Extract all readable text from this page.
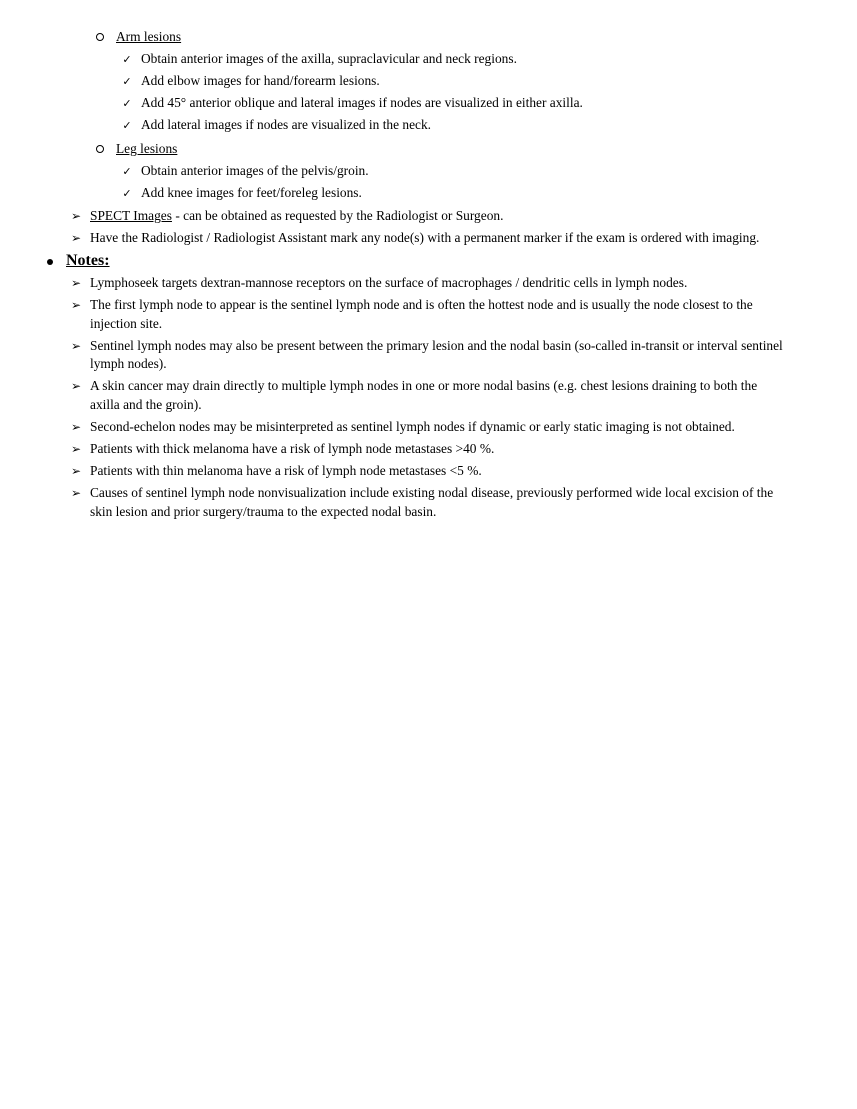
Arm lesions
✓ Obtain anterior images of the axilla, supraclavicular and neck regions.
✓ Add elbow images for hand/forearm lesions.
✓ Add 45° anterior oblique and lateral images if nodes are visualized in either axilla.
✓ Add lateral images if nodes are visualized in the neck.
Leg lesions
✓ Obtain anterior images of the pelvis/groin.
✓ Add knee images for feet/foreleg lesions.
➢ SPECT Images - can be obtained as requested by the Radiologist or Surgeon.
➢ Have the Radiologist / Radiologist Assistant mark any node(s) with a permanent marker if the exam is ordered with imaging.
Notes:
➢ Lymphoseek targets dextran-mannose receptors on the surface of macrophages / dendritic cells in lymph nodes.
➢ The first lymph node to appear is the sentinel lymph node and is often the hottest node and is usually the node closest to the
injection site.
➢ Sentinel lymph nodes may also be present between the primary lesion and the nodal basin (so-called in-transit or interval sentinel
lymph nodes).
➢ A skin cancer may drain directly to multiple lymph nodes in one or more nodal basins (e.g. chest lesions draining to both the
axilla and the groin).
➢ Second-echelon nodes may be misinterpreted as sentinel lymph nodes if dynamic or early static imaging is not obtained.
➢ Patients with thick melanoma have a risk of lymph node metastases >40 %.
➢ Patients with thin melanoma have a risk of lymph node metastases <5 %.
➢ Causes of sentinel lymph node nonvisualization include existing nodal disease, previously performed wide local excision of the
skin lesion and prior surgery/trauma to the expected nodal basin.
